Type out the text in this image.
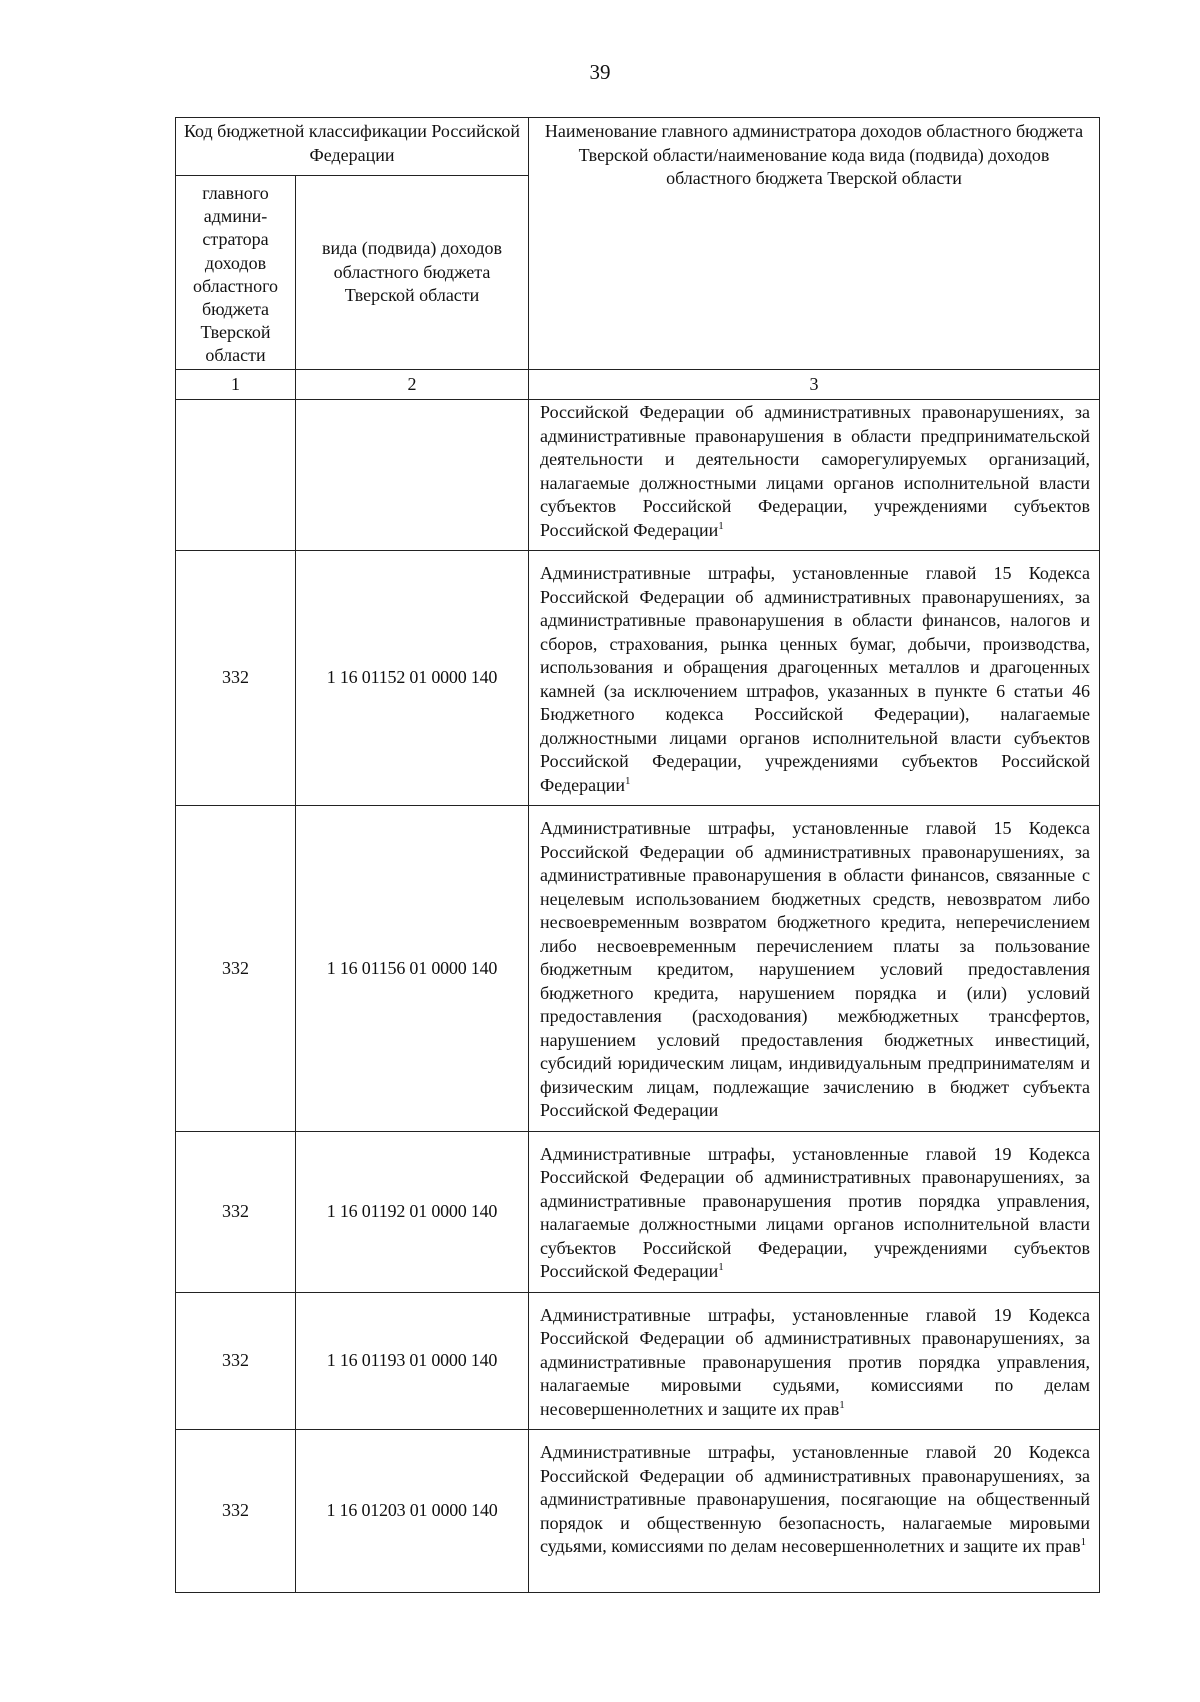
39
Код бюджетной классификации Российской Федерации		Наименование главного администратора доходов областного бюджета Тверской области/наименование кода вида (подвида) доходов областного бюджета Тверской области
главного админи-стратора доходов областного бюджета Тверской области	вида (подвида) доходов областного бюджета Тверской области	
1	2	3
		Российской Федерации об административных правонарушениях, за административные правонарушения в области предпринимательской деятельности и деятельности саморегулируемых организаций, налагаемые должностными лицами органов исполнительной власти субъектов Российской Федерации, учреждениями субъектов Российской Федерации$^1$
332	1 16 01152 01 0000 140	Административные штрафы, установленные главой 15 Кодекса Российской Федерации об административных правонарушениях, за административные правонарушения в области финансов, налогов и сборов, страхования, рынка ценных бумаг, добычи, производства, использования и обращения драгоценных металлов и драгоценных камней (за исключением штрафов, указанных в пункте 6 статьи 46 Бюджетного кодекса Российской Федерации), налагаемые должностными лицами органов исполнительной власти субъектов Российской Федерации, учреждениями субъектов Российской Федерации$^1$
332	1 16 01156 01 0000 140	Административные штрафы, установленные главой 15 Кодекса Российской Федерации об административных правонарушениях, за административные правонарушения в области финансов, связанные с нецелевым использованием бюджетных средств, невозвратом либо несвоевременным возвратом бюджетного кредита, неперечислением либо несвоевременным перечислением платы за пользование бюджетным кредитом, нарушением условий предоставления бюджетного кредита, нарушением порядка и (или) условий предоставления (расходования) межбюджетных трансфертов, нарушением условий предоставления бюджетных инвестиций, субсидий юридическим лицам, индивидуальным предпринимателям и физическим лицам, подлежащие зачислению в бюджет субъекта Российской Федерации
332	1 16 01192 01 0000 140	Административные штрафы, установленные главой 19 Кодекса Российской Федерации об административных правонарушениях, за административные правонарушения против порядка управления, налагаемые должностными лицами органов исполнительной власти субъектов Российской Федерации, учреждениями субъектов Российской Федерации$^1$
332	1 16 01193 01 0000 140	Административные штрафы, установленные главой 19 Кодекса Российской Федерации об административных правонарушениях, за административные правонарушения против порядка управления, налагаемые мировыми судьями, комиссиями по делам несовершеннолетних и защите их прав$^1$
332	1 16 01203 01 0000 140	Административные штрафы, установленные главой 20 Кодекса Российской Федерации об административных правонарушениях, за административные правонарушения, посягающие на общественный порядок и общественную безопасность, налагаемые мировыми судьями, комиссиями по делам несовершеннолетних и защите их прав$^1$
